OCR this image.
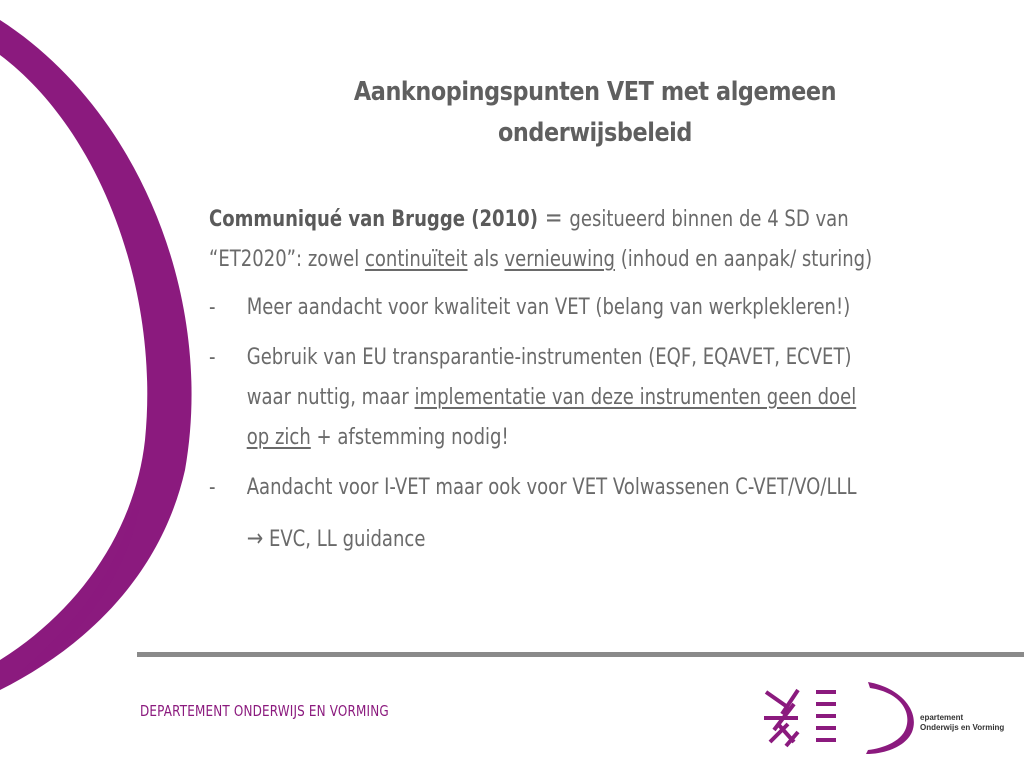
Aanknopingspunten VET met algemeen
onderwijsbeleid

Communiqué van Brugge (2010) = gesitueerd binnen de 4 SD van
“ET2020”: zowel continuïteit als vernieuwing (inhoud en aanpak/ sturing)

- Meer aandacht voor kwaliteit van VET (belang van werkplekleren!)
- Gebruik van EU transparantie-instrumenten (EQF, EQAVET, ECVET) waar nuttig, maar implementatie van deze instrumenten geen doel op zich + afstemming nodig!
- Aandacht voor I-VET maar ook voor VET Volwassenen C-VET/VO/LLL
→ EVC, LL guidance
DEPARTEMENT ONDERWIJS EN VORMING	epartement
Onderwijs en Vorming
